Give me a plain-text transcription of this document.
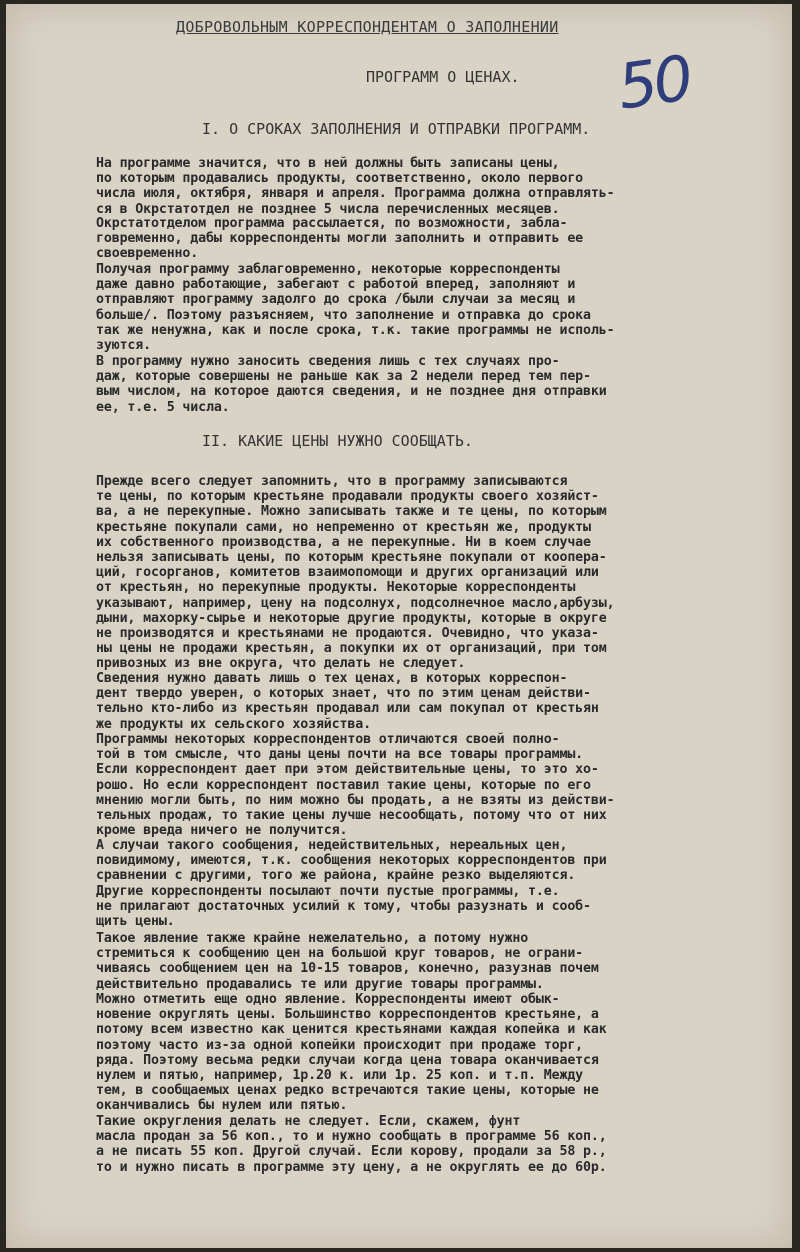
ДОБРОВОЛЬНЫМ КОРРЕСПОНДЕНТАМ О ЗАПОЛНЕНИИ
ПРОГРАММ О ЦЕНАХ. 50
I. О СРОКАХ ЗАПОЛНЕНИЯ И ОТПРАВКИ ПРОГРАММ.
На программе значится, что в ней должны быть записаны цены,
по которым продавались продукты, соответственно, около первого
числа июля, октября, января и апреля. Программа должна отправлять-
ся в Окрстатотдел не позднее 5 числа перечисленных месяцев.
Окрстатотделом программа рассылается, по возможности, забла-
говременно, дабы корреспонденты могли заполнить и отправить ее
своевременно.
Получая программу заблаговременно, некоторые корреспонденты
даже давно работающие, забегают с работой вперед, заполняют и
отправляют программу задолго до срока /были случаи за месяц и
больше/. Поэтому разъясняем, что заполнение и отправка до срока
так же ненужна, как и после срока, т.к. такие программы не исполь-
зуются.
В программу нужно заносить сведения лишь с тех случаях про-
даж, которые совершены не раньше как за 2 недели перед тем пер-
вым числом, на которое даются сведения, и не позднее дня отправки
ее, т.е. 5 числа.
II. КАКИЕ ЦЕНЫ НУЖНО СООБЩАТЬ.
Прежде всего следует запомнить, что в программу записываются
те цены, по которым крестьяне продавали продукты своего хозяйст-
ва, а не перекупные. Можно записывать также и те цены, по которым
крестьяне покупали сами, но непременно от крестьян же, продукты
их собственного производства, а не перекупные. Ни в коем случае
нельзя записывать цены, по которым крестьяне покупали от коопера-
ций, госорганов, комитетов взаимопомощи и других организаций или
от крестьян, но перекупные продукты. Некоторые корреспонденты
указывают, например, цену на подсолнух, подсолнечное масло,арбузы,
дыни, махорку-сырье и некоторые другие продукты, которые в округе
не производятся и крестьянами не продаются. Очевидно, что указа-
ны цены не продажи крестьян, а покупки их от организаций, при том
привозных из вне округа, что делать не следует.
Сведения нужно давать лишь о тех ценах, в которых корреспон-
дент твердо уверен, о которых знает, что по этим ценам действи-
тельно кто-либо из крестьян продавал или сам покупал от крестьян
же продукты их сельского хозяйства.
Программы некоторых корреспондентов отличаются своей полно-
той в том смысле, что даны цены почти на все товары программы.
Если корреспондент дает при этом действительные цены, то это хо-
рошо. Но если корреспондент поставил такие цены, которые по его
мнению могли быть, по ним можно бы продать, а не взяты из действи-
тельных продаж, то такие цены лучше несообщать, потому что от них
кроме вреда ничего не получится.
А случаи такого сообщения, недействительных, нереальных цен,
повидимому, имеются, т.к. сообщения некоторых корреспондентов при
сравнении с другими, того же района, крайне резко выделяются.
Другие корреспонденты посылают почти пустые программы, т.е.
не прилагают достаточных усилий к тому, чтобы разузнать и сооб-
щить цены.
Такое явление также крайне нежелательно, а потому нужно
стремиться к сообщению цен на большой круг товаров, не ограни-
чиваясь сообщением цен на 10-15 товаров, конечно, разузнав почем
действительно продавались те или другие товары программы.
Можно отметить еще одно явление. Корреспонденты имеют обык-
новение округлять цены. Большинство корреспондентов крестьяне, а
потому всем известно как ценится крестьянами каждая копейка и как
поэтому часто из-за одной копейки происходит при продаже торг,
ряда. Поэтому весьма редки случаи когда цена товара оканчивается
нулем и пятью, например, 1р.20 к. или 1р. 25 коп. и т.п. Между
тем, в сообщаемых ценах редко встречаются такие цены, которые не
оканчивались бы нулем или пятью.
Такие округления делать не следует. Если, скажем, фунт
масла продан за 56 коп., то и нужно сообщать в программе 56 коп.,
а не писать 55 коп. Другой случай. Если корову, продали за 58 р.,
то и нужно писать в программе эту цену, а не округлять ее до 60р.
